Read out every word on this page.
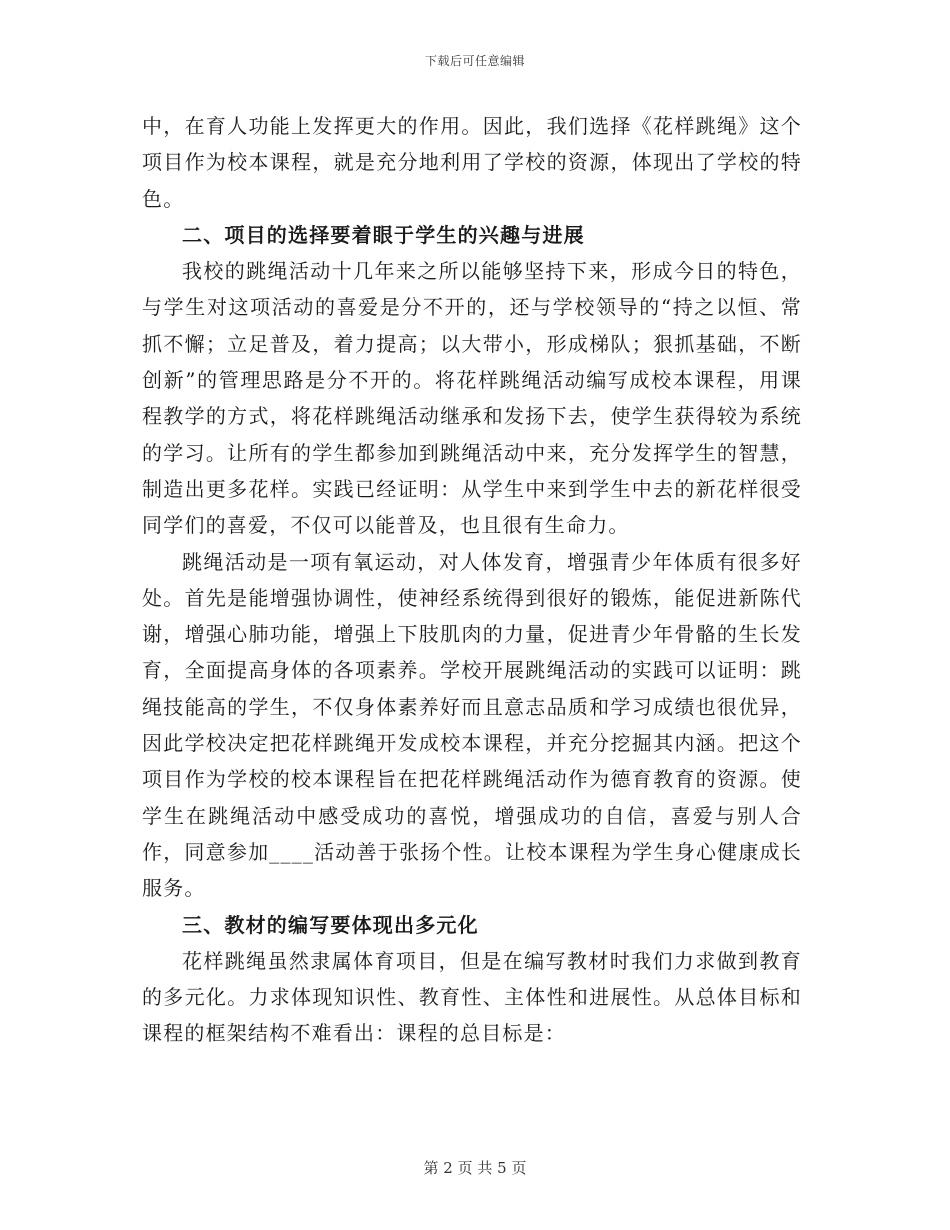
下载后可任意编辑

中，在育人功能上发挥更大的作用。因此，我们选择《花样跳绳》这个项目作为校本课程，就是充分地利用了学校的资源，体现出了学校的特色。

二、项目的选择要着眼于学生的兴趣与进展

我校的跳绳活动十几年来之所以能够坚持下来，形成今日的特色，与学生对这项活动的喜爱是分不开的，还与学校领导的“持之以恒、常抓不懈；立足普及，着力提高；以大带小，形成梯队；狠抓基础，不断创新”的管理思路是分不开的。将花样跳绳活动编写成校本课程，用课程教学的方式，将花样跳绳活动继承和发扬下去，使学生获得较为系统的学习。让所有的学生都参加到跳绳活动中来，充分发挥学生的智慧，制造出更多花样。实践已经证明：从学生中来到学生中去的新花样很受同学们的喜爱，不仅可以能普及，也且很有生命力。

跳绳活动是一项有氧运动，对人体发育，增强青少年体质有很多好处。首先是能增强协调性，使神经系统得到很好的锻炼，能促进新陈代谢，增强心肺功能，增强上下肢肌肉的力量，促进青少年骨骼的生长发育，全面提高身体的各项素养。学校开展跳绳活动的实践可以证明：跳绳技能高的学生，不仅身体素养好而且意志品质和学习成绩也很优异，因此学校决定把花样跳绳开发成校本课程，并充分挖掘其内涵。把这个项目作为学校的校本课程旨在把花样跳绳活动作为德育教育的资源。使学生在跳绳活动中感受成功的喜悦，增强成功的自信，喜爱与别人合作，同意参加____活动善于张扬个性。让校本课程为学生身心健康成长服务。

三、教材的编写要体现出多元化

花样跳绳虽然隶属体育项目，但是在编写教材时我们力求做到教育的多元化。力求体现知识性、教育性、主体性和进展性。从总体目标和课程的框架结构不难看出：课程的总目标是：

第 2 页 共 5 页
